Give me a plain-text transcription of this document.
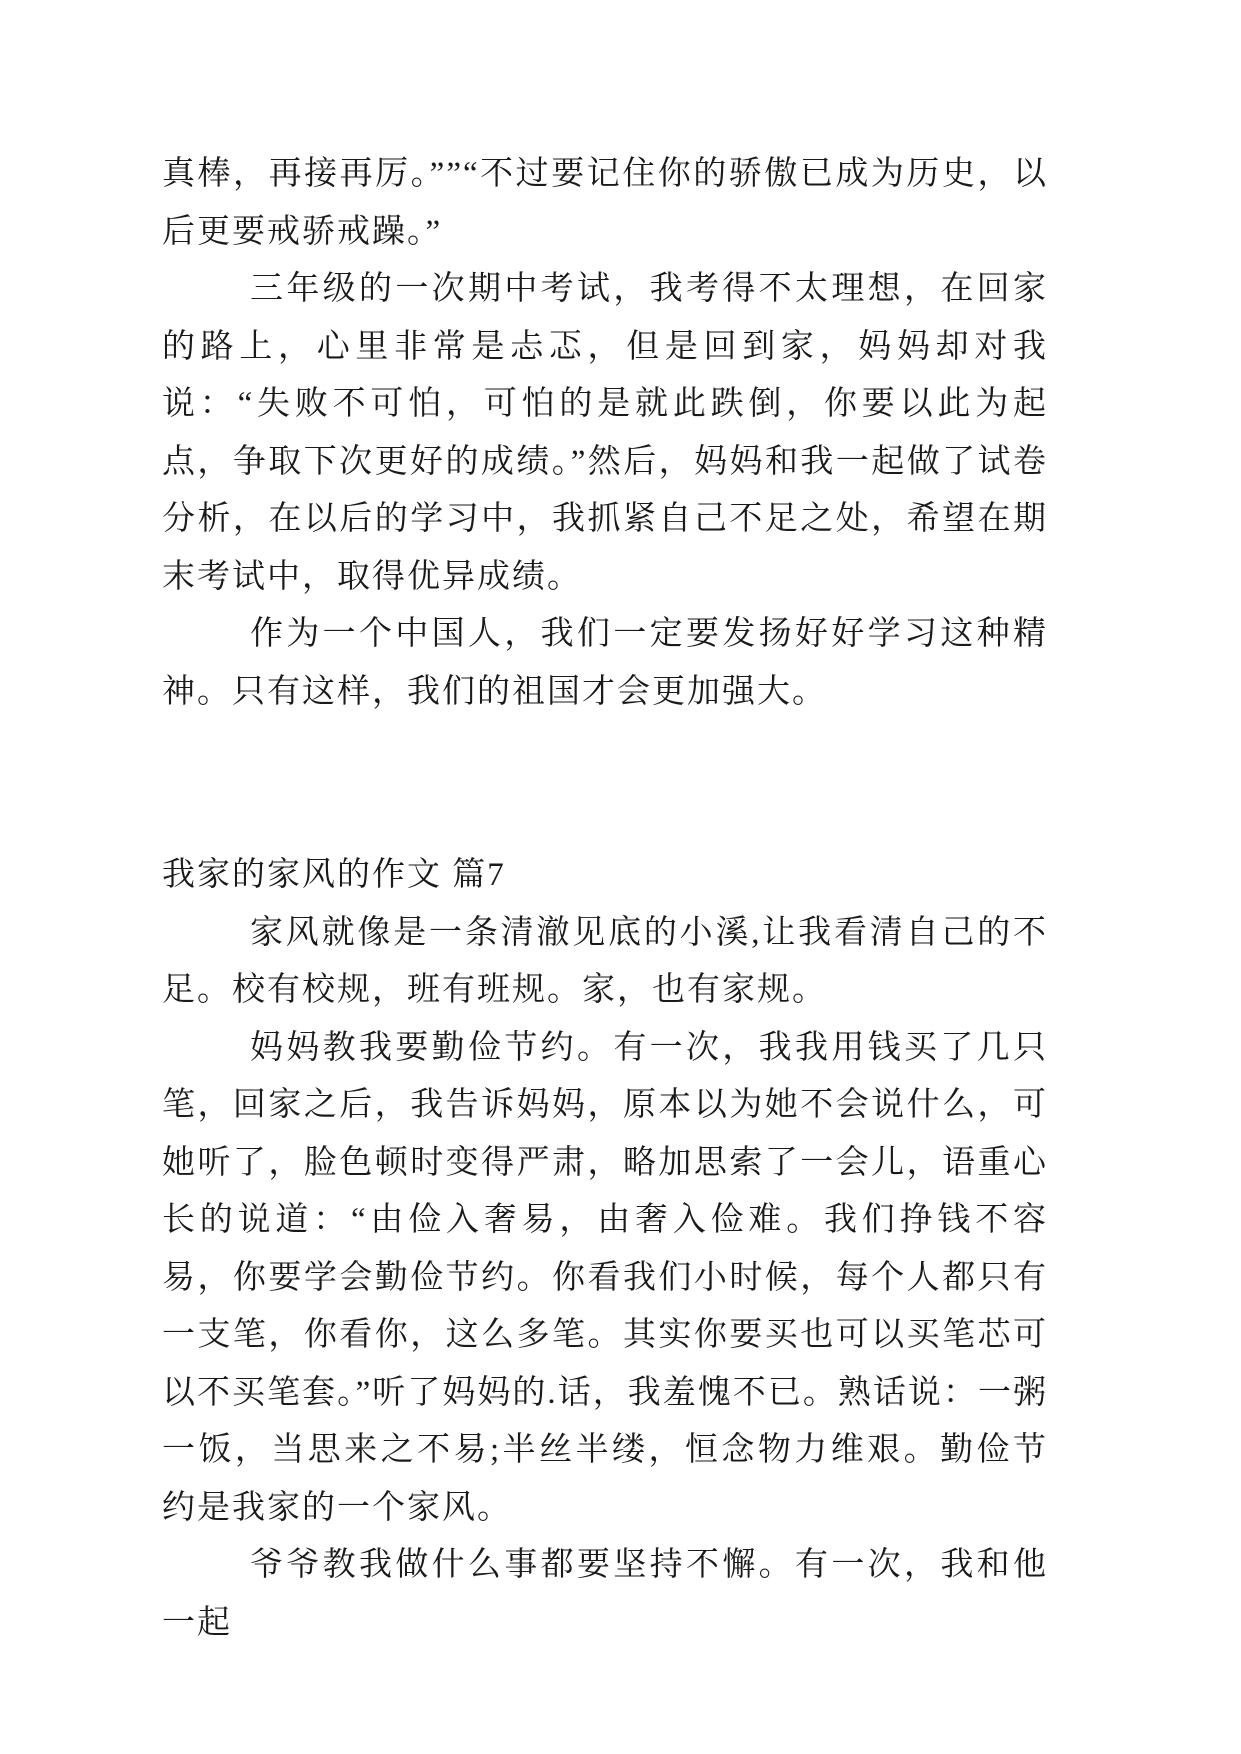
真棒，再接再厉。””“不过要记住你的骄傲已成为历史，以后更要戒骄戒躁。”

三年级的一次期中考试，我考得不太理想，在回家的路上，心里非常是忐忑，但是回到家，妈妈却对我说：“失败不可怕，可怕的是就此跌倒，你要以此为起点，争取下次更好的成绩。”然后，妈妈和我一起做了试卷分析，在以后的学习中，我抓紧自己不足之处，希望在期末考试中，取得优异成绩。

作为一个中国人，我们一定要发扬好好学习这种精神。只有这样，我们的祖国才会更加强大。

我家的家风的作文 篇7

家风就像是一条清澈见底的小溪,让我看清自己的不足。校有校规，班有班规。家，也有家规。

妈妈教我要勤俭节约。有一次，我我用钱买了几只笔，回家之后，我告诉妈妈，原本以为她不会说什么，可她听了，脸色顿时变得严肃，略加思索了一会儿，语重心长的说道：“由俭入奢易，由奢入俭难。我们挣钱不容易，你要学会勤俭节约。你看我们小时候，每个人都只有一支笔，你看你，这么多笔。其实你要买也可以买笔芯可以不买笔套。”听了妈妈的.话，我羞愧不已。熟话说：一粥一饭，当思来之不易;半丝半缕，恒念物力维艰。勤俭节约是我家的一个家风。

爷爷教我做什么事都要坚持不懈。有一次，我和他一起
